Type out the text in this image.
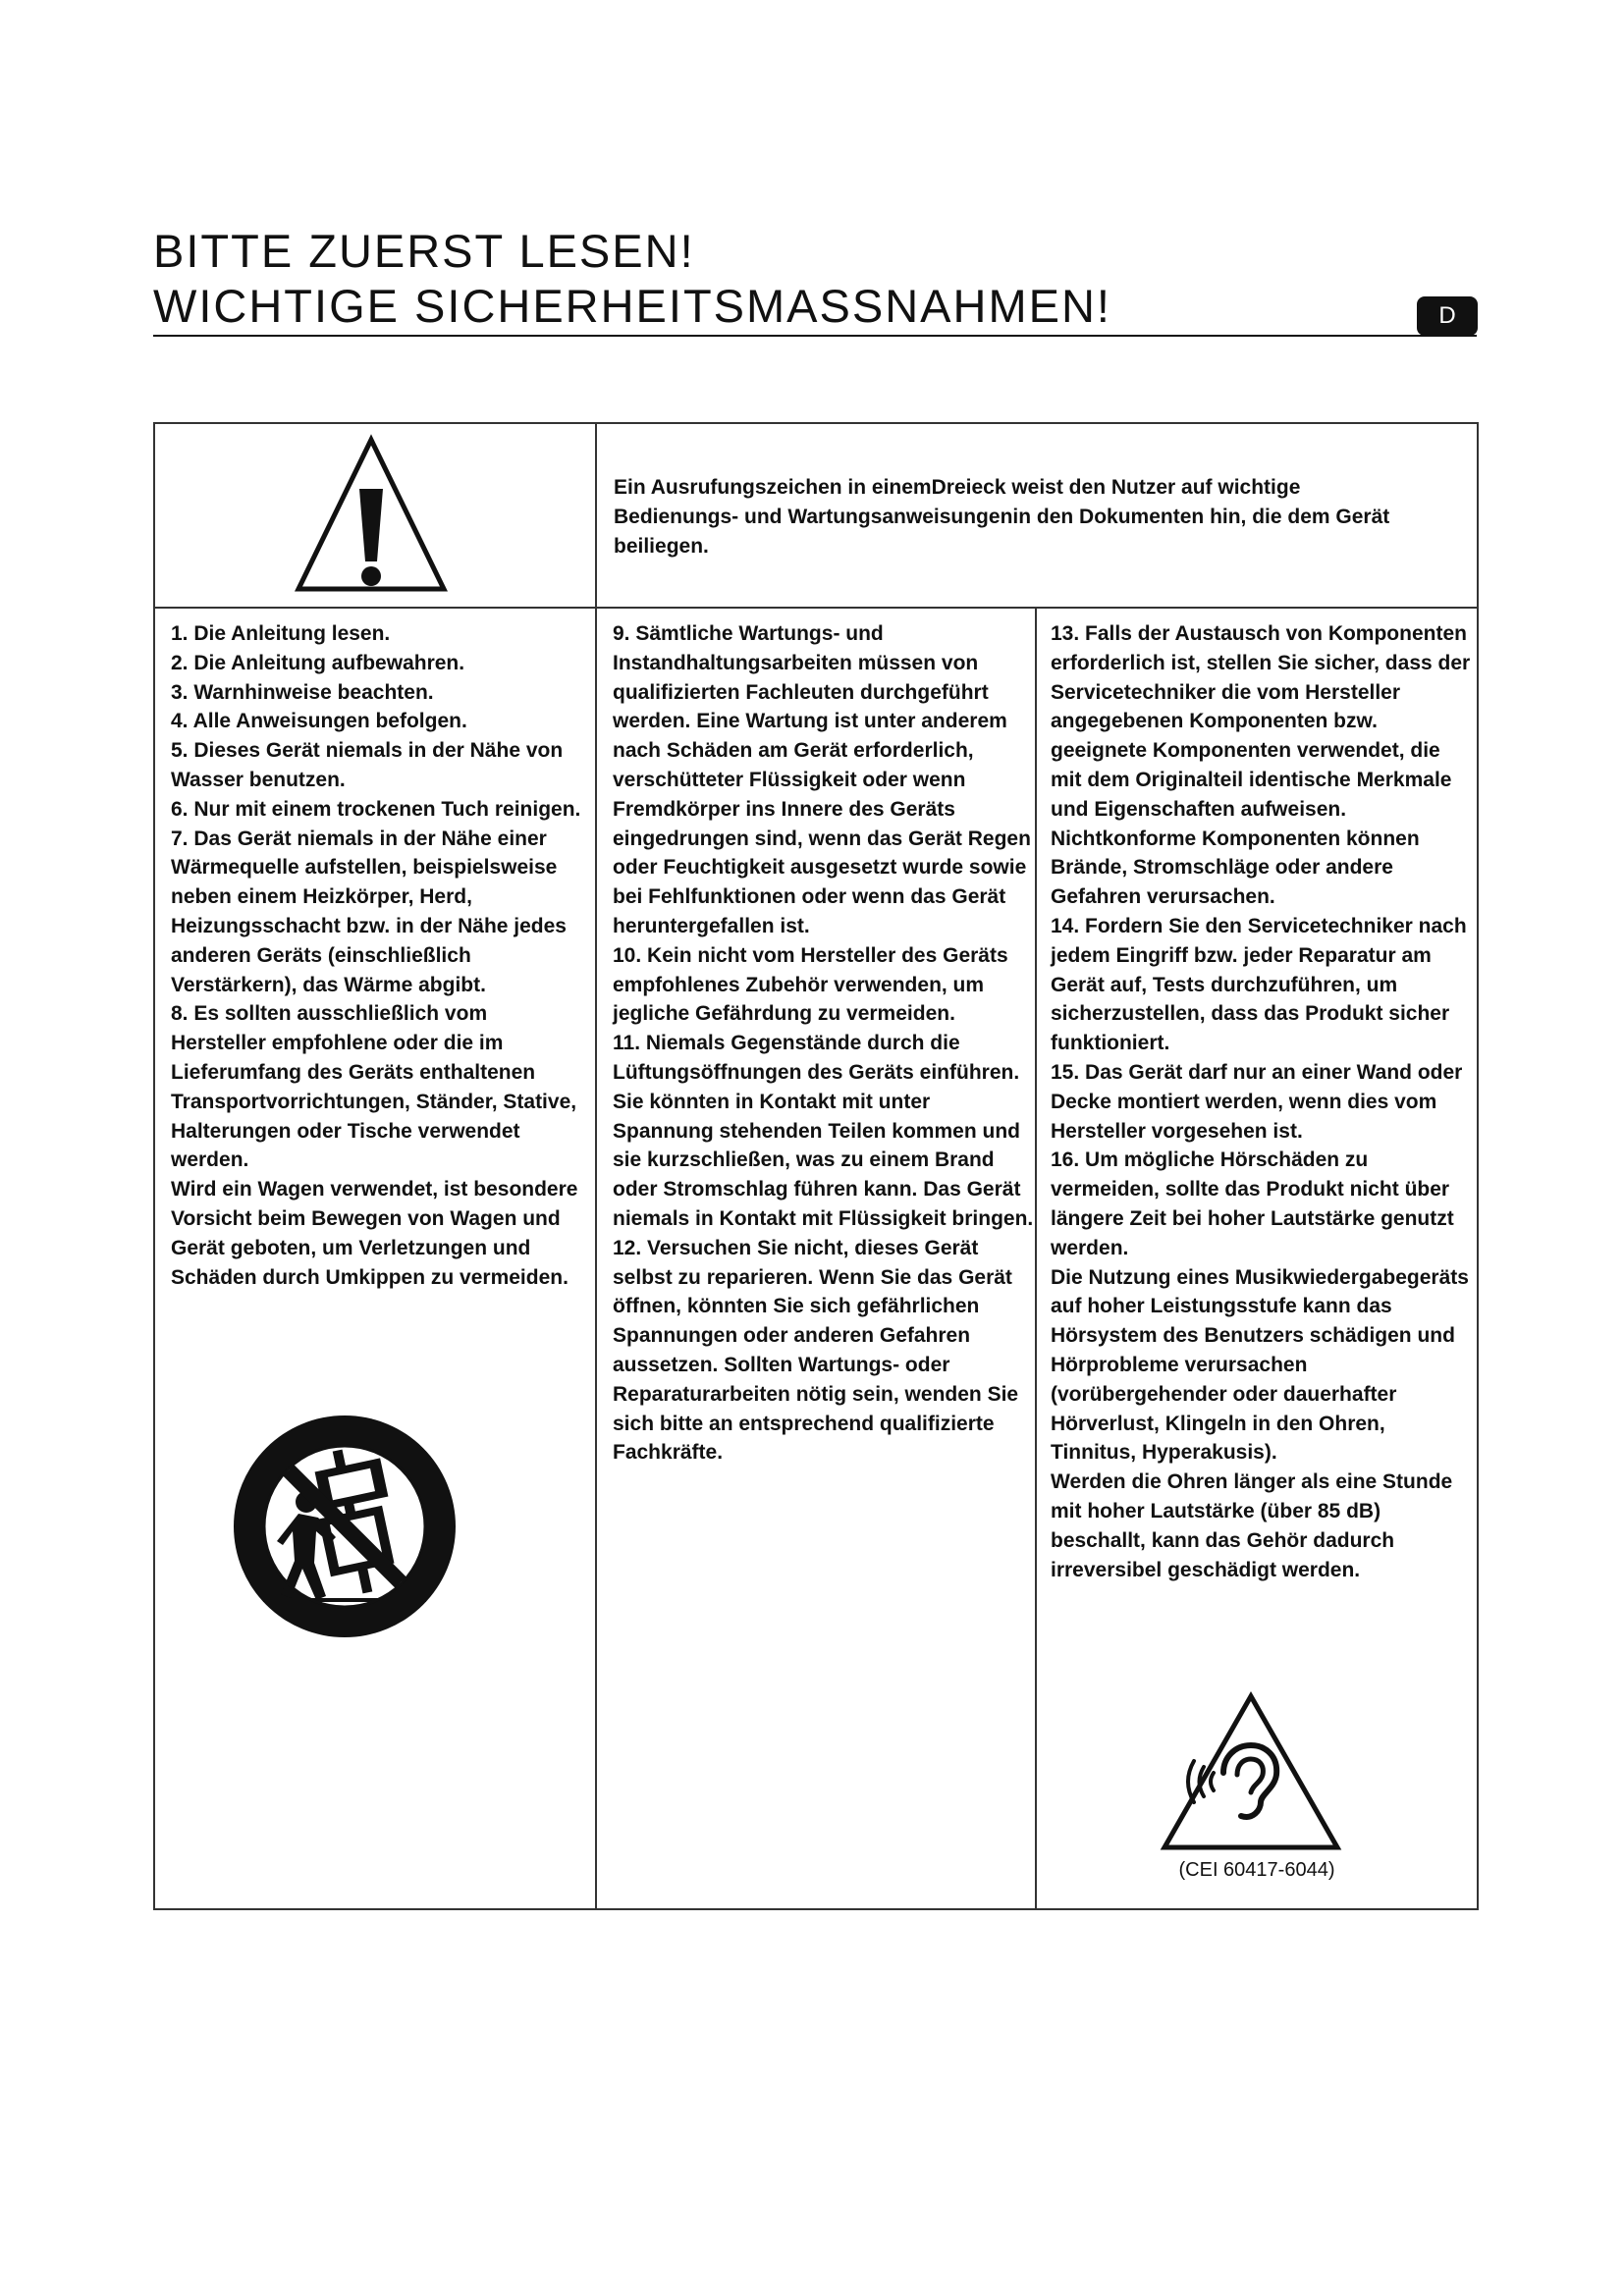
BITTE ZUERST LESEN!
WICHTIGE SICHERHEITSMASSNAHMEN!	D

Ein Ausrufungszeichen in einemDreieck weist den Nutzer auf wichtige Bedienungs- und Wartungsanweisungenin den Dokumenten hin, die dem Gerät beiliegen.

1. Die Anleitung lesen.

2. Die Anleitung aufbewahren.

3. Warnhinweise beachten.

4. Alle Anweisungen befolgen.

5. Dieses Gerät niemals in der Nähe von Wasser benutzen.

6. Nur mit einem trockenen Tuch reinigen.

7. Das Gerät niemals in der Nähe einer Wärmequelle aufstellen, beispielsweise neben einem Heizkörper, Herd, Heizungsschacht bzw. in der Nähe jedes anderen Geräts (einschließlich Verstärkern), das Wärme abgibt.

8. Es sollten ausschließlich vom Hersteller empfohlene oder die im Lieferumfang des Geräts enthaltenen Transportvorrichtungen, Ständer, Stative, Halterungen oder Tische verwendet werden.

Wird ein Wagen verwendet, ist besondere Vorsicht beim Bewegen von Wagen und Gerät geboten, um Verletzungen und Schäden durch Umkippen zu vermeiden.

9. Sämtliche Wartungs- und Instandhaltungsarbeiten müssen von qualifizierten Fachleuten durchgeführt werden. Eine Wartung ist unter anderem nach Schäden am Gerät erforderlich, verschütteter Flüssigkeit oder wenn Fremdkörper ins Innere des Geräts eingedrungen sind, wenn das Gerät Regen oder Feuchtigkeit ausgesetzt wurde sowie bei Fehlfunktionen oder wenn das Gerät heruntergefallen ist.

10. Kein nicht vom Hersteller des Geräts empfohlenes Zubehör verwenden, um jegliche Gefährdung zu vermeiden.

11. Niemals Gegenstände durch die Lüftungsöffnungen des Geräts einführen. Sie könnten in Kontakt mit unter Spannung stehenden Teilen kommen und sie kurzschließen, was zu einem Brand oder Stromschlag führen kann. Das Gerät niemals in Kontakt mit Flüssigkeit bringen.

12. Versuchen Sie nicht, dieses Gerät selbst zu reparieren. Wenn Sie das Gerät öffnen, könnten Sie sich gefährlichen Spannungen oder anderen Gefahren aussetzen. Sollten Wartungs- oder Reparaturarbeiten nötig sein, wenden Sie sich bitte an entsprechend qualifizierte Fachkräfte.

13. Falls der Austausch von Komponenten erforderlich ist, stellen Sie sicher, dass der Servicetechniker die vom Hersteller angegebenen Komponenten bzw. geeignete Komponenten verwendet, die mit dem Originalteil identische Merkmale und Eigenschaften aufweisen. Nichtkonforme Komponenten können Brände, Stromschläge oder andere Gefahren verursachen.

14. Fordern Sie den Servicetechniker nach jedem Eingriff bzw. jeder Reparatur am Gerät auf, Tests durchzuführen, um sicherzustellen, dass das Produkt sicher funktioniert.

15. Das Gerät darf nur an einer Wand oder Decke montiert werden, wenn dies vom Hersteller vorgesehen ist.

16. Um mögliche Hörschäden zu vermeiden, sollte das Produkt nicht über längere Zeit bei hoher Lautstärke genutzt werden.

Die Nutzung eines Musikwiedergabegeräts auf hoher Leistungsstufe kann das Hörsystem des Benutzers schädigen und Hörprobleme verursachen (vorübergehender oder dauerhafter Hörverlust, Klingeln in den Ohren, Tinnitus, Hyperakusis).

Werden die Ohren länger als eine Stunde mit hoher Lautstärke (über 85 dB) beschallt, kann das Gehör dadurch irreversibel geschädigt werden.

(CEI 60417-6044)
